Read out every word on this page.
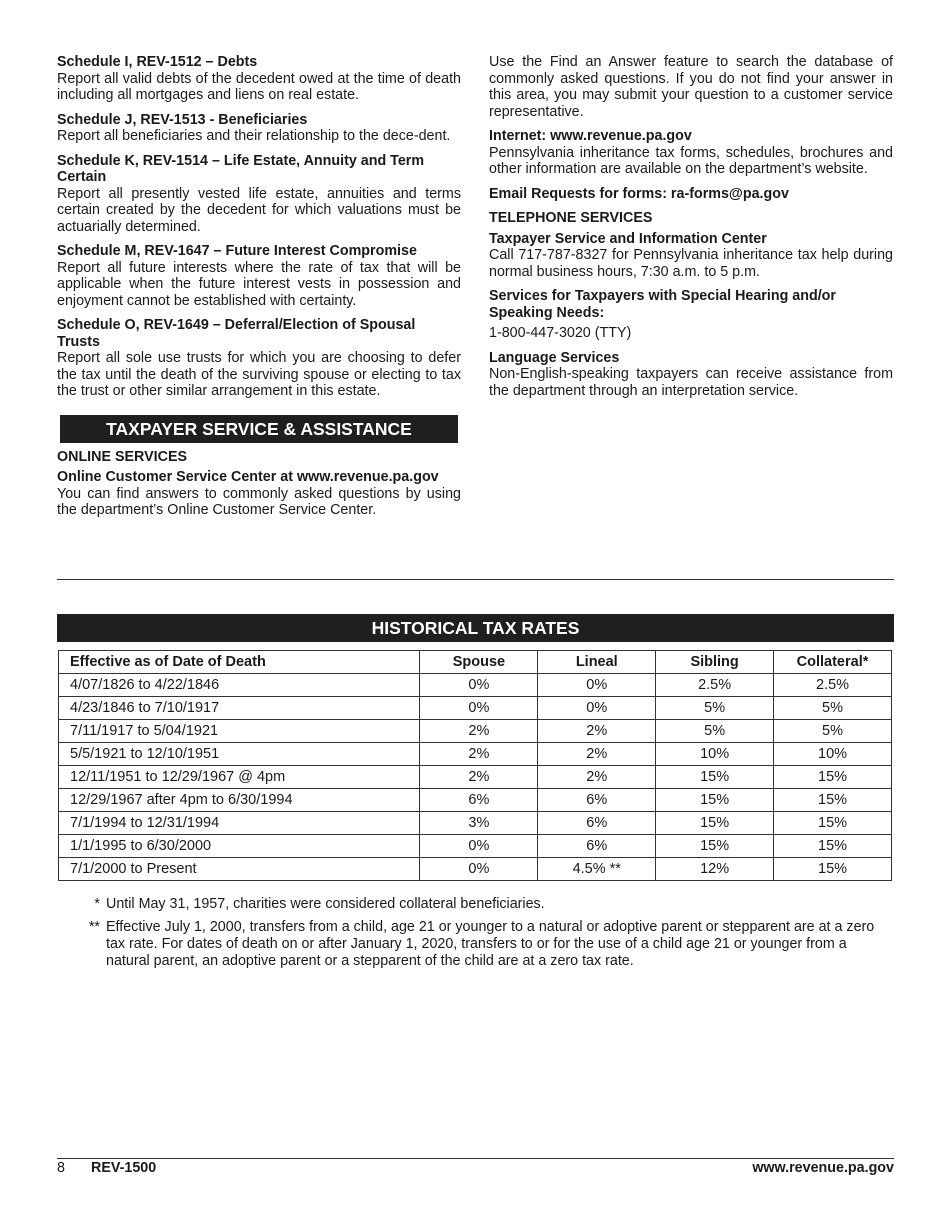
Schedule I, REV-1512 – Debts

Report all valid debts of the decedent owed at the time of death including all mortgages and liens on real estate.

Schedule J, REV-1513 - Beneficiaries

Report all beneficiaries and their relationship to the dece-dent.

Schedule K, REV-1514 – Life Estate, Annuity and Term Certain

Report all presently vested life estate, annuities and terms certain created by the decedent for which valuations must be actuarially determined.

Schedule M, REV-1647 – Future Interest Compromise

Report all future interests where the rate of tax that will be applicable when the future interest vests in possession and enjoyment cannot be established with certainty.

Schedule O, REV-1649 – Deferral/Election of Spousal Trusts

Report all sole use trusts for which you are choosing to defer the tax until the death of the surviving spouse or electing to tax the trust or other similar arrangement in this estate.

TAXPAYER SERVICE & ASSISTANCE

ONLINE SERVICES

Online Customer Service Center at www.revenue.pa.gov

You can find answers to commonly asked questions by using the department’s Online Customer Service Center.

Use the Find an Answer feature to search the database of commonly asked questions. If you do not find your answer in this area, you may submit your question to a customer service representative.

Internet: www.revenue.pa.gov

Pennsylvania inheritance tax forms, schedules, brochures and other information are available on the department’s website.

Email Requests for forms: ra-forms@pa.gov

TELEPHONE SERVICES

Taxpayer Service and Information Center

Call 717-787-8327 for Pennsylvania inheritance tax help during normal business hours, 7:30 a.m. to 5 p.m.

Services for Taxpayers with Special Hearing and/or Speaking Needs:

1-800-447-3020 (TTY)

Language Services

Non-English-speaking taxpayers can receive assistance from the department through an interpretation service.

HISTORICAL TAX RATES
Effective as of Date of Death	Spouse	Lineal	Sibling	Collateral*
4/07/1826 to 4/22/1846	0%	0%	2.5%	2.5%
4/23/1846 to 7/10/1917	0%	0%	5%	5%
7/11/1917 to 5/04/1921	2%	2%	5%	5%
5/5/1921 to 12/10/1951	2%	2%	10%	10%
12/11/1951 to 12/29/1967 @ 4pm	2%	2%	15%	15%
12/29/1967 after 4pm to 6/30/1994	6%	6%	15%	15%
7/1/1994 to 12/31/1994	3%	6%	15%	15%
1/1/1995 to 6/30/2000	0%	6%	15%	15%
7/1/2000 to Present	0%	4.5% **	12%	15%
* Until May 31, 1957, charities were considered collateral beneficiaries.
** Effective July 1, 2000, transfers from a child, age 21 or younger to a natural or adoptive parent or stepparent are at a zero tax rate. For dates of death on or after January 1, 2020, transfers to or for the use of a child age 21 or younger from a natural parent, an adoptive parent or a stepparent of the child are at a zero tax rate.
8 REV-1500	www.revenue.pa.gov
